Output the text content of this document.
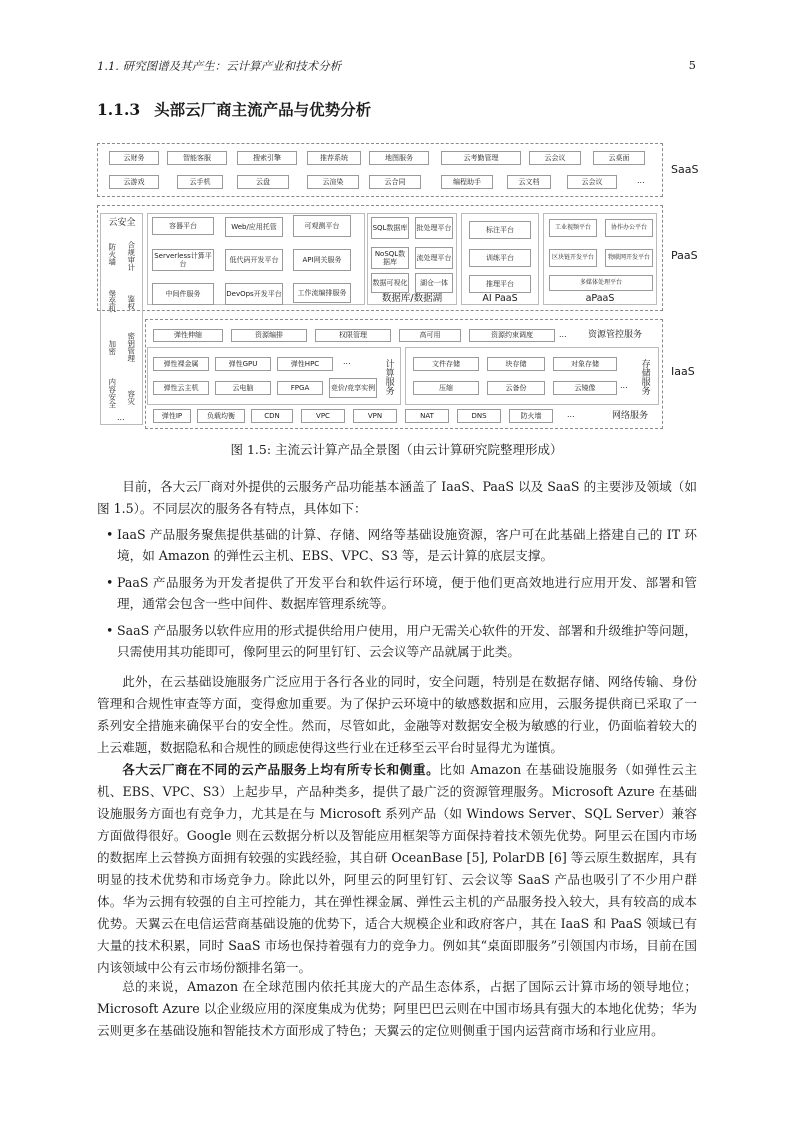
1.1. 研究图谱及其产生：云计算产业和技术分析	5
1.1.3 头部云厂商主流产品与优势分析
SaaS
PaaS
云安全
防火墙	合规审计
堡垒机	鉴权
加密	密钥管理
内容安全	容灾
...
数据库/数据湖	AI PaaS	aPaaS
IaaS
资源管控服务
计算服务	存储服务
网络服务
云财务	智能客服	搜索引擎	推荐系统	地图服务	云考勤管理	云会议	云桌面
云游戏	云手机	云盘	云渲染	云合同	编程助手	云文档	云会议	...
容器平台	Web/应用托管	可观测平台
Serverless计算平台
低代码开发平台	API网关服务
中间件服务	DevOps开发平台	工作流编排服务
SQL数据库 批处理平台
NoSQL数据库
流处理平台
数据可视化	湖仓一体
标注平台
训练平台
推理平台
工业视频平台	协作办公平台
区块链开发平台	物联网开发平台
多媒体处理平台
弹性伸缩	资源编排	权限管理	高可用	资源约束调度	...
弹性裸金属	弹性GPU	弹性HPC	...
弹性云主机	云电脑	FPGA	竞价/竞享实例
文件存储	块存储	对象存储
压缩	云备份	云镜像	...
弹性IP	负载均衡	CDN	VPC	VPN	NAT	DNS	防火墙	...
图 1.5: 主流云计算产品全景图（由云计算研究院整理形成）
目前，各大云厂商对外提供的云服务产品功能基本涵盖了 IaaS、PaaS 以及 SaaS 的主要涉及领域（如图 1.5）。不同层次的服务各有特点，具体如下：
• IaaS 产品服务聚焦提供基础的计算、存储、网络等基础设施资源，客户可在此基础上搭建自己的 IT 环境，如 Amazon 的弹性云主机、EBS、VPC、S3 等，是云计算的底层支撑。
• PaaS 产品服务为开发者提供了开发平台和软件运行环境，便于他们更高效地进行应用开发、部署和管理，通常会包含一些中间件、数据库管理系统等。
• SaaS 产品服务以软件应用的形式提供给用户使用，用户无需关心软件的开发、部署和升级维护等问题，只需使用其功能即可，像阿里云的阿里钉钉、云会议等产品就属于此类。
此外，在云基础设施服务广泛应用于各行各业的同时，安全问题，特别是在数据存储、网络传输、身份管理和合规性审查等方面，变得愈加重要。为了保护云环境中的敏感数据和应用，云服务提供商已采取了一系列安全措施来确保平台的安全性。然而，尽管如此，金融等对数据安全极为敏感的行业，仍面临着较大的上云难题，数据隐私和合规性的顾虑使得这些行业在迁移至云平台时显得尤为谨慎。
各大云厂商在不同的云产品服务上均有所专长和侧重。比如 Amazon 在基础设施服务（如弹性云主机、EBS、VPC、S3）上起步早，产品种类多，提供了最广泛的资源管理服务。Microsoft Azure 在基础设施服务方面也有竞争力，尤其是在与 Microsoft 系列产品（如 Windows Server、SQL Server）兼容方面做得很好。Google 则在云数据分析以及智能应用框架等方面保持着技术领先优势。阿里云在国内市场的数据库上云替换方面拥有较强的实践经验，其自研 OceanBase [5], PolarDB [6] 等云原生数据库，具有明显的技术优势和市场竞争力。除此以外，阿里云的阿里钉钉、云会议等 SaaS 产品也吸引了不少用户群体。华为云拥有较强的自主可控能力，其在弹性裸金属、弹性云主机的产品服务投入较大，具有较高的成本优势。天翼云在电信运营商基础设施的优势下，适合大规模企业和政府客户，其在 IaaS 和 PaaS 领域已有大量的技术积累，同时 SaaS 市场也保持着强有力的竞争力。例如其“桌面即服务”引领国内市场，目前在国内该领域中公有云市场份额排名第一。
总的来说，Amazon 在全球范围内依托其庞大的产品生态体系，占据了国际云计算市场的领导地位；Microsoft Azure 以企业级应用的深度集成为优势；阿里巴巴云则在中国市场具有强大的本地化优势；华为云则更多在基础设施和智能技术方面形成了特色；天翼云的定位则侧重于国内运营商市场和行业应用。
